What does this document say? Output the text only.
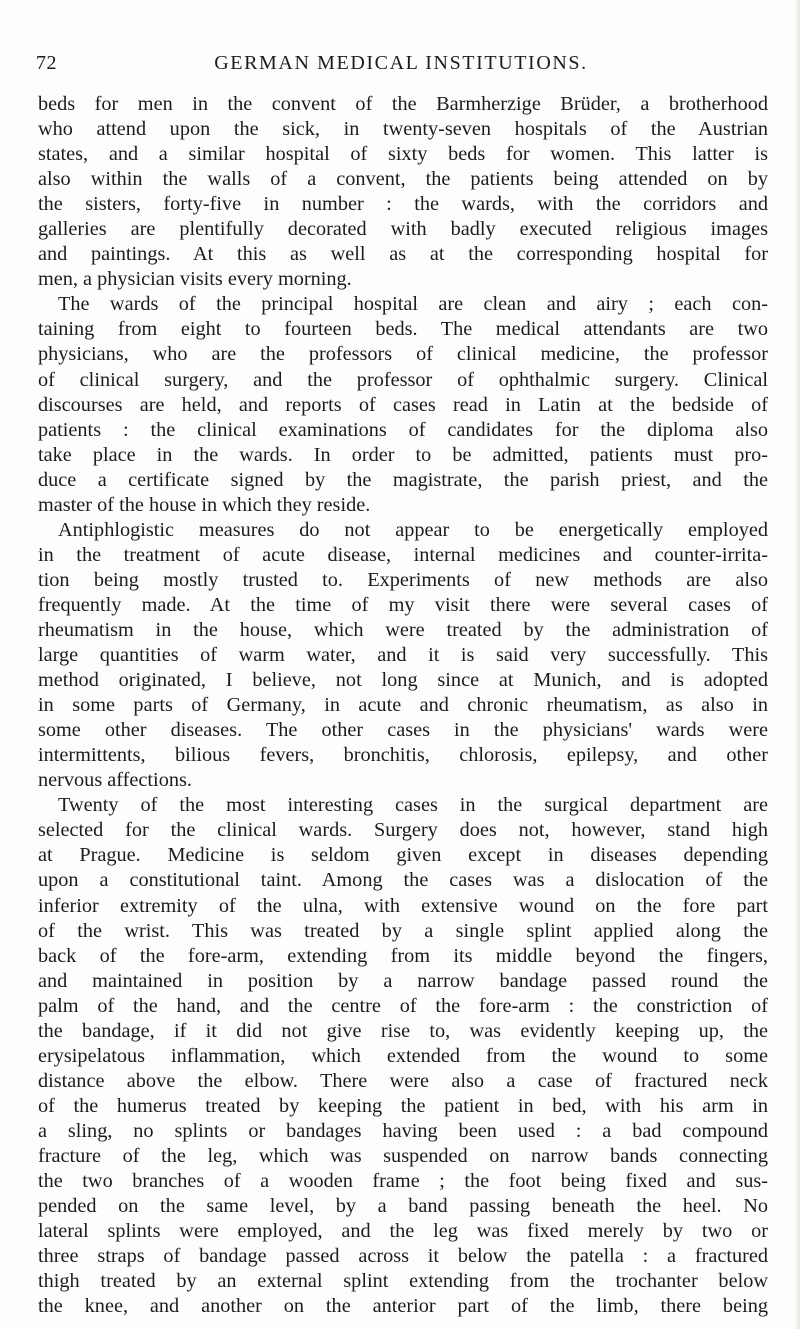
72	GERMAN MEDICAL INSTITUTIONS.
beds for men in the convent of the Barmherzige Brüder, a brotherhood
who attend upon the sick, in twenty-seven hospitals of the Austrian
states, and a similar hospital of sixty beds for women. This latter is
also within the walls of a convent, the patients being attended on by
the sisters, forty-five in number : the wards, with the corridors and
galleries are plentifully decorated with badly executed religious images
and paintings. At this as well as at the corresponding hospital for
men, a physician visits every morning.
The wards of the principal hospital are clean and airy ; each con-
taining from eight to fourteen beds. The medical attendants are two
physicians, who are the professors of clinical medicine, the professor
of clinical surgery, and the professor of ophthalmic surgery. Clinical
discourses are held, and reports of cases read in Latin at the bedside of
patients : the clinical examinations of candidates for the diploma also
take place in the wards. In order to be admitted, patients must pro-
duce a certificate signed by the magistrate, the parish priest, and the
master of the house in which they reside.
Antiphlogistic measures do not appear to be energetically employed
in the treatment of acute disease, internal medicines and counter-irrita-
tion being mostly trusted to. Experiments of new methods are also
frequently made. At the time of my visit there were several cases of
rheumatism in the house, which were treated by the administration of
large quantities of warm water, and it is said very successfully. This
method originated, I believe, not long since at Munich, and is adopted
in some parts of Germany, in acute and chronic rheumatism, as also in
some other diseases. The other cases in the physicians' wards were
intermittents, bilious fevers, bronchitis, chlorosis, epilepsy, and other
nervous affections.
Twenty of the most interesting cases in the surgical department are
selected for the clinical wards. Surgery does not, however, stand high
at Prague. Medicine is seldom given except in diseases depending
upon a constitutional taint. Among the cases was a dislocation of the
inferior extremity of the ulna, with extensive wound on the fore part
of the wrist. This was treated by a single splint applied along the
back of the fore-arm, extending from its middle beyond the fingers,
and maintained in position by a narrow bandage passed round the
palm of the hand, and the centre of the fore-arm : the constriction of
the bandage, if it did not give rise to, was evidently keeping up, the
erysipelatous inflammation, which extended from the wound to some
distance above the elbow. There were also a case of fractured neck
of the humerus treated by keeping the patient in bed, with his arm in
a sling, no splints or bandages having been used : a bad compound
fracture of the leg, which was suspended on narrow bands connecting
the two branches of a wooden frame ; the foot being fixed and sus-
pended on the same level, by a band passing beneath the heel. No
lateral splints were employed, and the leg was fixed merely by two or
three straps of bandage passed across it below the patella : a fractured
thigh treated by an external splint extending from the trochanter below
the knee, and another on the anterior part of the limb, there being
